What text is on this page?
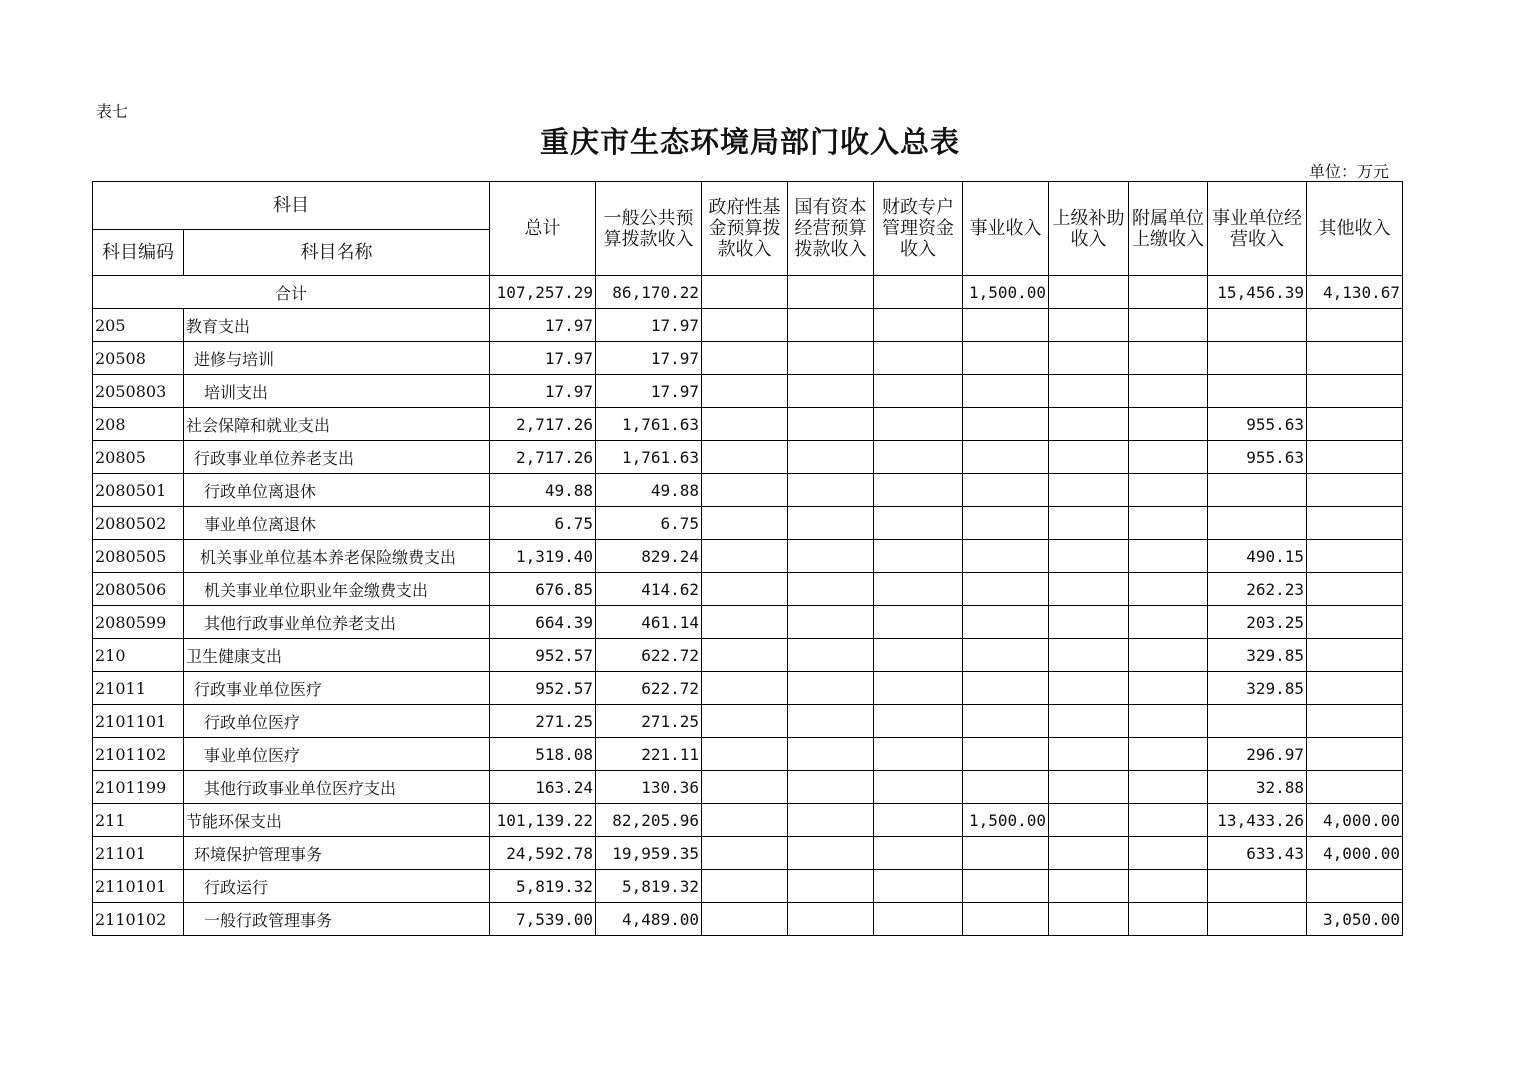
表七
重庆市生态环境局部门收入总表
单位：万元
科目		总计	一般公共预算拨款收入	政府性基金预算拨款收入	国有资本经营预算拨款收入	财政专户管理资金收入	事业收入	上级补助收入	附属单位上缴收入	事业单位经营收入	其他收入
科目编码	科目名称										
合计		107,257.29	86,170.22				1,500.00			15,456.39	4,130.67
205	教育支出	17.97	17.97								
20508	进修与培训	17.97	17.97								
2050803	培训支出	17.97	17.97								
208	社会保障和就业支出	2,717.26	1,761.63							955.63	
20805	行政事业单位养老支出	2,717.26	1,761.63							955.63	
2080501	行政单位离退休	49.88	49.88								
2080502	事业单位离退休	6.75	6.75								
2080505	机关事业单位基本养老保险缴费支出	1,319.40	829.24							490.15	
2080506	机关事业单位职业年金缴费支出	676.85	414.62							262.23	
2080599	其他行政事业单位养老支出	664.39	461.14							203.25	
210	卫生健康支出	952.57	622.72							329.85	
21011	行政事业单位医疗	952.57	622.72							329.85	
2101101	行政单位医疗	271.25	271.25								
2101102	事业单位医疗	518.08	221.11							296.97	
2101199	其他行政事业单位医疗支出	163.24	130.36							32.88	
211	节能环保支出	101,139.22	82,205.96				1,500.00			13,433.26	4,000.00
21101	环境保护管理事务	24,592.78	19,959.35							633.43	4,000.00
2110101	行政运行	5,819.32	5,819.32								
2110102	一般行政管理事务	7,539.00	4,489.00								3,050.00
